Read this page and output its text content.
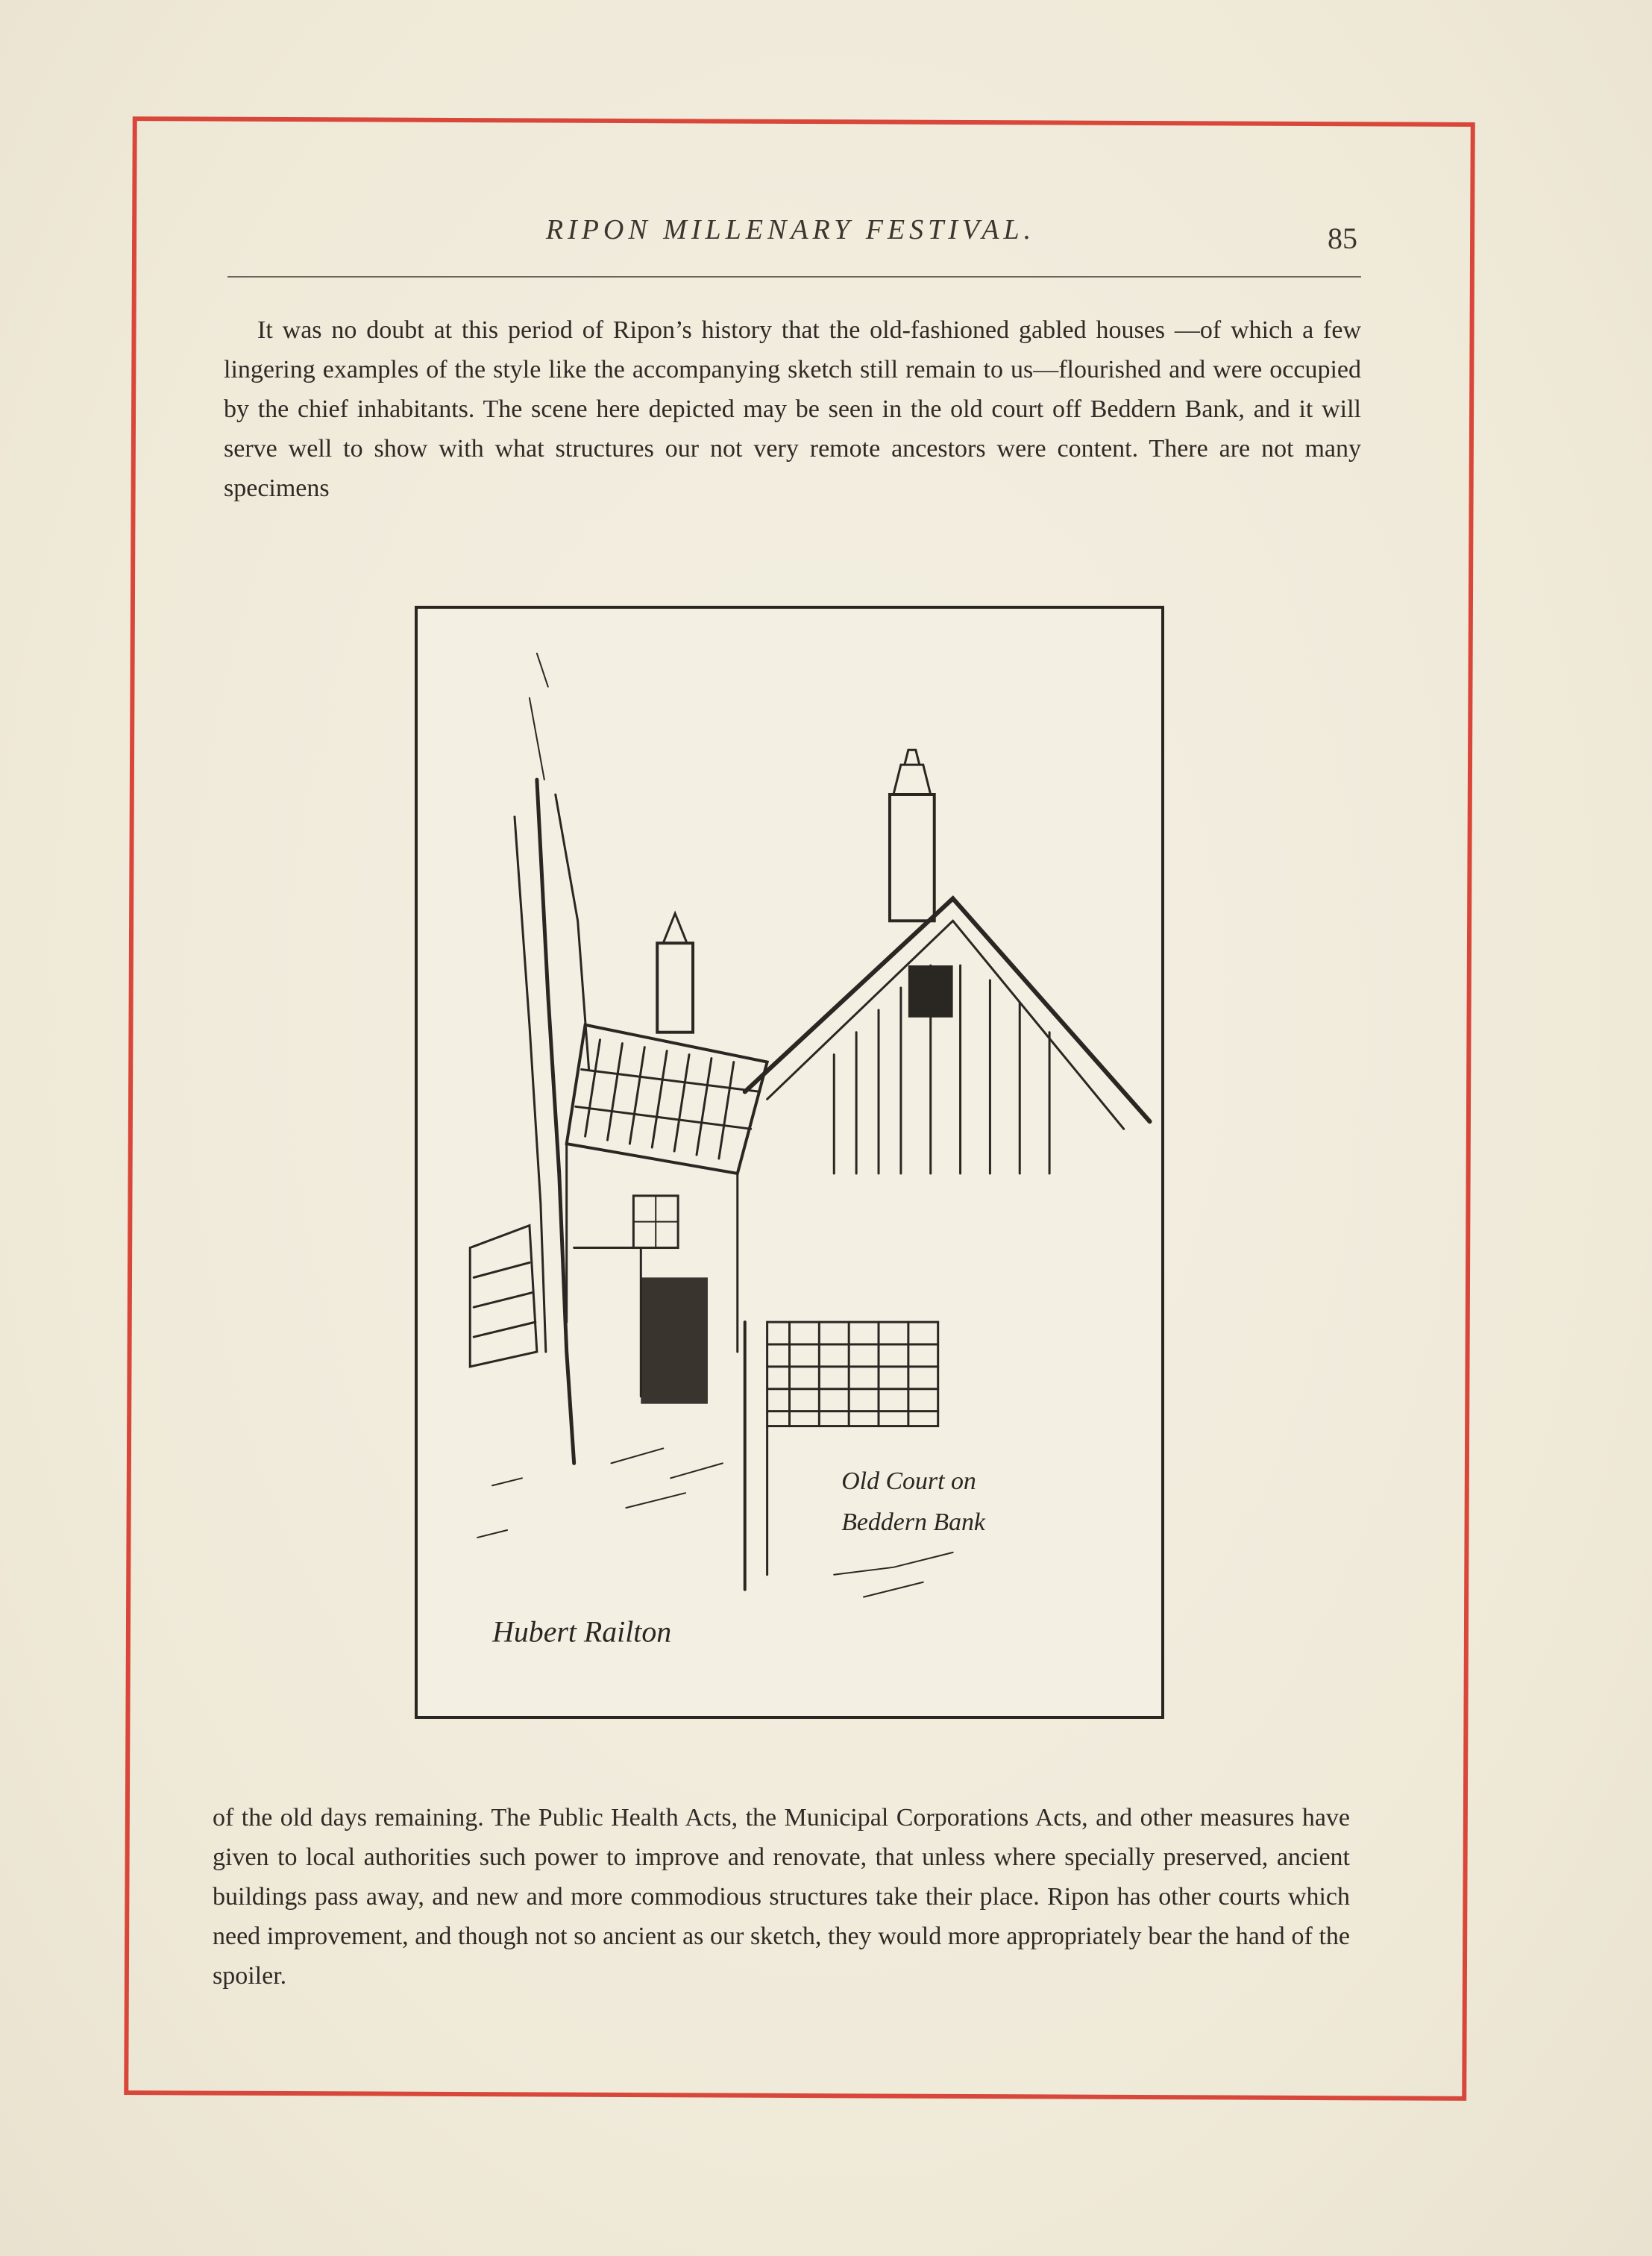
RIPON MILLENARY FESTIVAL.	85

It was no doubt at this period of Ripon’s history that the old-fashioned gabled houses —of which a few lingering examples of the style like the accompanying sketch still remain to us—flourished and were occupied by the chief inhabitants. The scene here depicted may be seen in the old court off Beddern Bank, and it will serve well to show with what structures our not very remote ancestors were content. There are not many specimens

Old Court on
Beddern Bank
Hubert Railton

of the old days remaining. The Public Health Acts, the Municipal Corporations Acts, and other measures have given to local authorities such power to improve and renovate, that unless where specially preserved, ancient buildings pass away, and new and more commodious structures take their place. Ripon has other courts which need improvement, and though not so ancient as our sketch, they would more appropriately bear the hand of the spoiler.
